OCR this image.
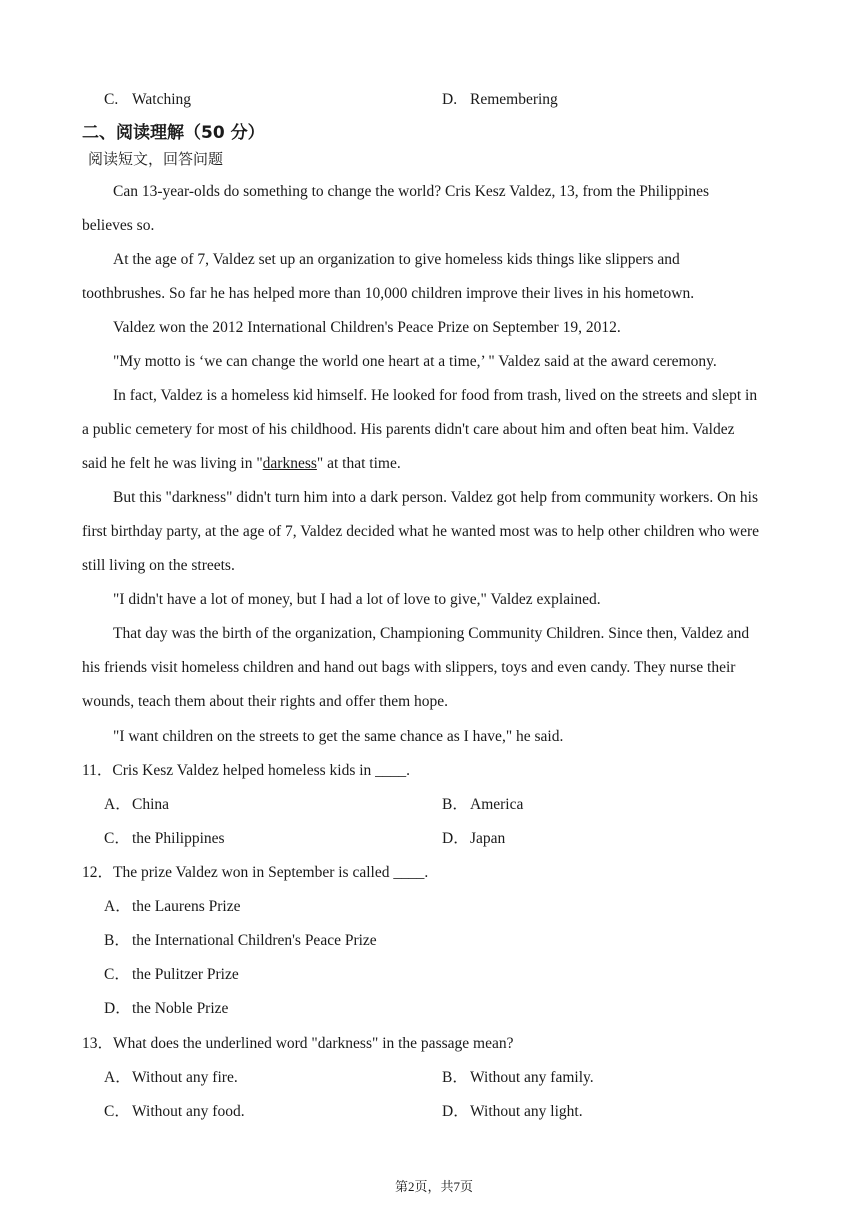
C. Watching	D. Remembering
二、阅读理解（50 分）
阅读短文，回答问题
Can 13-year-olds do something to change the world? Cris Kesz Valdez, 13, from the Philippines
believes so.
At the age of 7, Valdez set up an organization to give homeless kids things like slippers and
toothbrushes. So far he has helped more than 10,000 children improve their lives in his hometown.
Valdez won the 2012 International Children's Peace Prize on September 19, 2012.
"My motto is ‘we can change the world one heart at a time,’ " Valdez said at the award ceremony.
In fact, Valdez is a homeless kid himself. He looked for food from trash, lived on the streets and slept in
a public cemetery for most of his childhood. His parents didn't care about him and often beat him. Valdez
said he felt he was living in "darkness" at that time.
But this "darkness" didn't turn him into a dark person. Valdez got help from community workers. On his
first birthday party, at the age of 7, Valdez decided what he wanted most was to help other children who were
still living on the streets.
"I didn't have a lot of money, but I had a lot of love to give," Valdez explained.
That day was the birth of the organization, Championing Community Children. Since then, Valdez and
his friends visit homeless children and hand out bags with slippers, toys and even candy. They nurse their
wounds, teach them about their rights and offer them hope.
"I want children on the streets to get the same chance as I have," he said.
11．Cris Kesz Valdez helped homeless kids in ____.
A．China	B． America
C． the Philippines	D．Japan
12．The prize Valdez won in September is called ____.
A．the Laurens Prize
B． the International Children's Peace Prize
C． the Pulitzer Prize
D．the Noble Prize
13．What does the underlined word "darkness" in the passage mean?
A．Without any fire.	B． Without any family.
C． Without any food.	D．Without any light.
第2页，共7页
